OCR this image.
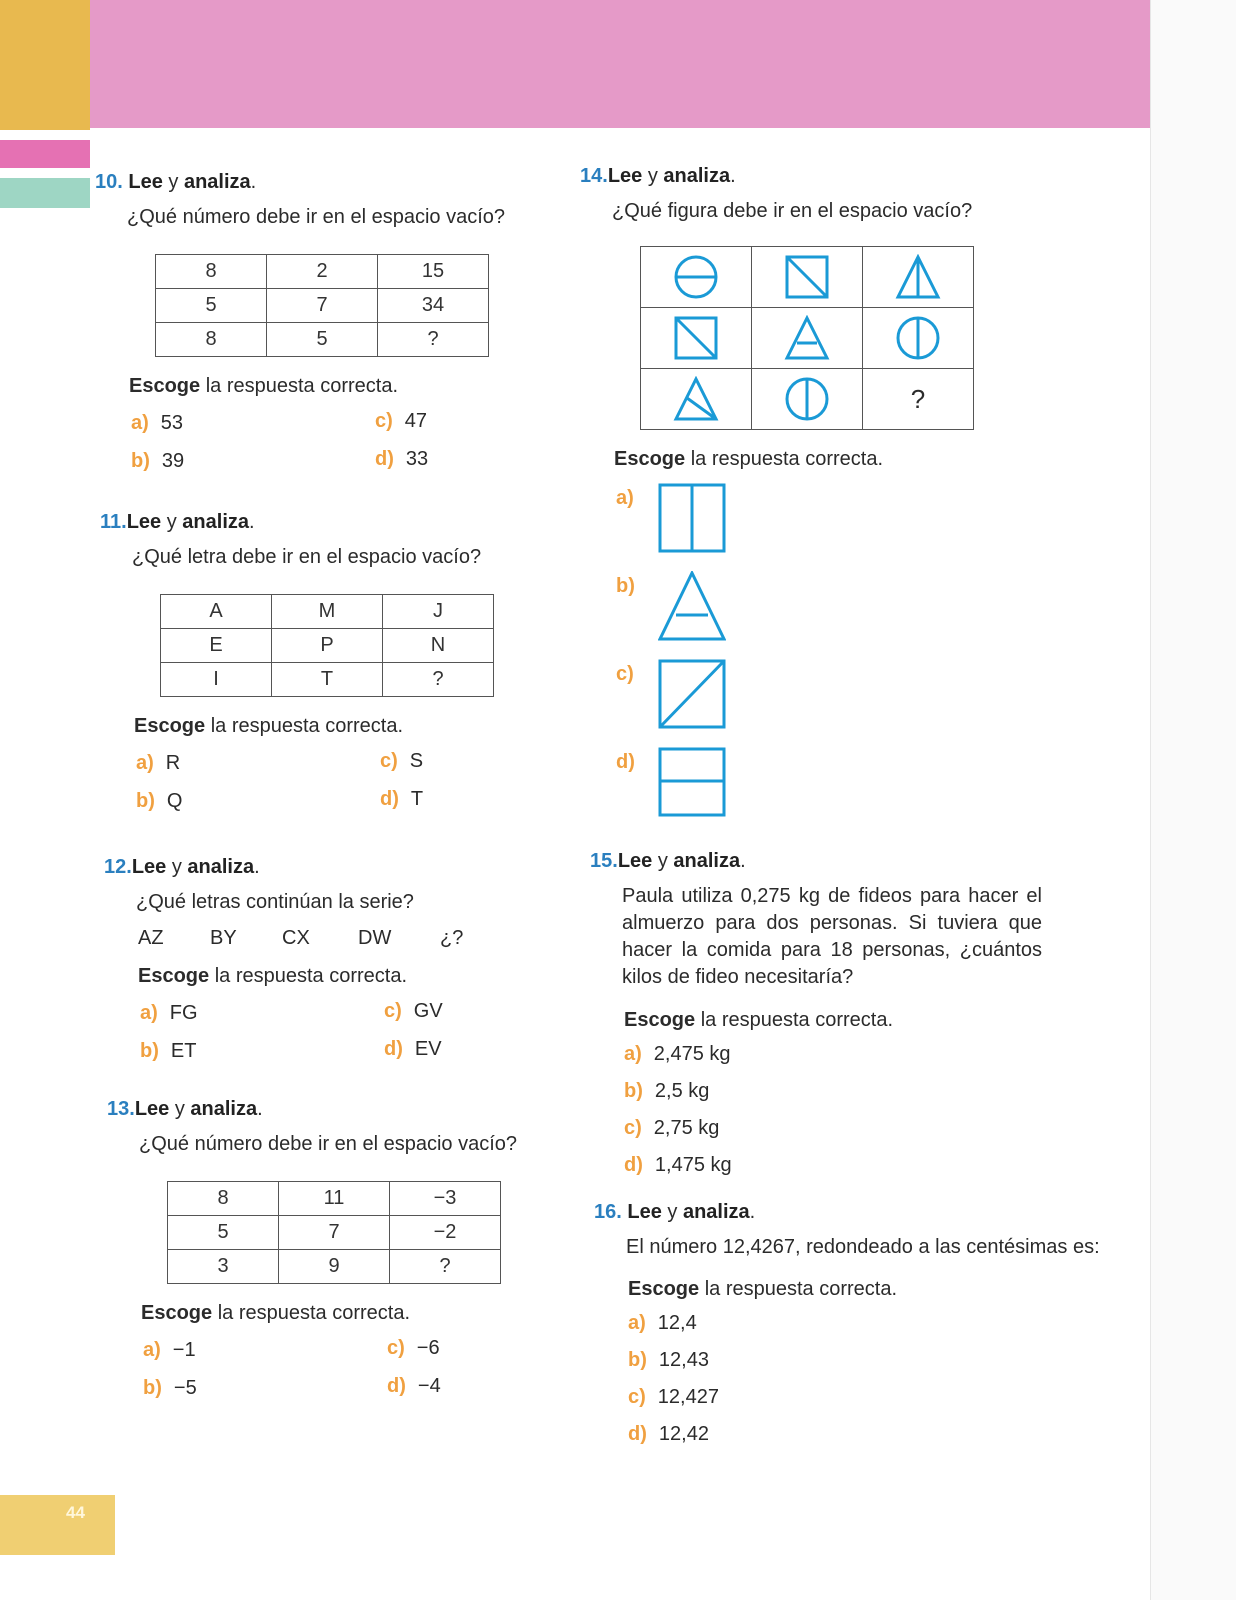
44
10. Lee y analiza.
¿Qué número debe ir en el espacio vacío?
8	2	15
5	7	34
8	5	?
Escoge la respuesta correcta.
a) 53
b) 39
c) 47
d) 33
11.Lee y analiza.
¿Qué letra debe ir en el espacio vacío?
A	M	J
E	P	N
I	T	?
Escoge la respuesta correcta.
a) R
b) Q
c) S
d) T
12.Lee y analiza.
¿Qué letras continúan la serie?
AZ BY CX DW ¿?
Escoge la respuesta correcta.
a) FG
b) ET
c) GV
d) EV
13.Lee y analiza.
¿Qué número debe ir en el espacio vacío?
8	11	−3
5	7	−2
3	9	?
Escoge la respuesta correcta.
a) −1
b) −5
c) −6
d) −4
14.Lee y analiza.
¿Qué figura debe ir en el espacio vacío?

		?
Escoge la respuesta correcta.
a)
b)
c)
d)
15.Lee y analiza.
Paula utiliza 0,275 kg de fideos para hacer el almuerzo para dos personas. Si tuviera que hacer la comida para 18 personas, ¿cuántos kilos de fideo necesitaría?
Escoge la respuesta correcta.
a) 2,475 kg
b) 2,5 kg
c) 2,75 kg
d) 1,475 kg
16. Lee y analiza.
El número 12,4267, redondeado a las centésimas es:
Escoge la respuesta correcta.
a) 12,4
b) 12,43
c) 12,427
d) 12,42
